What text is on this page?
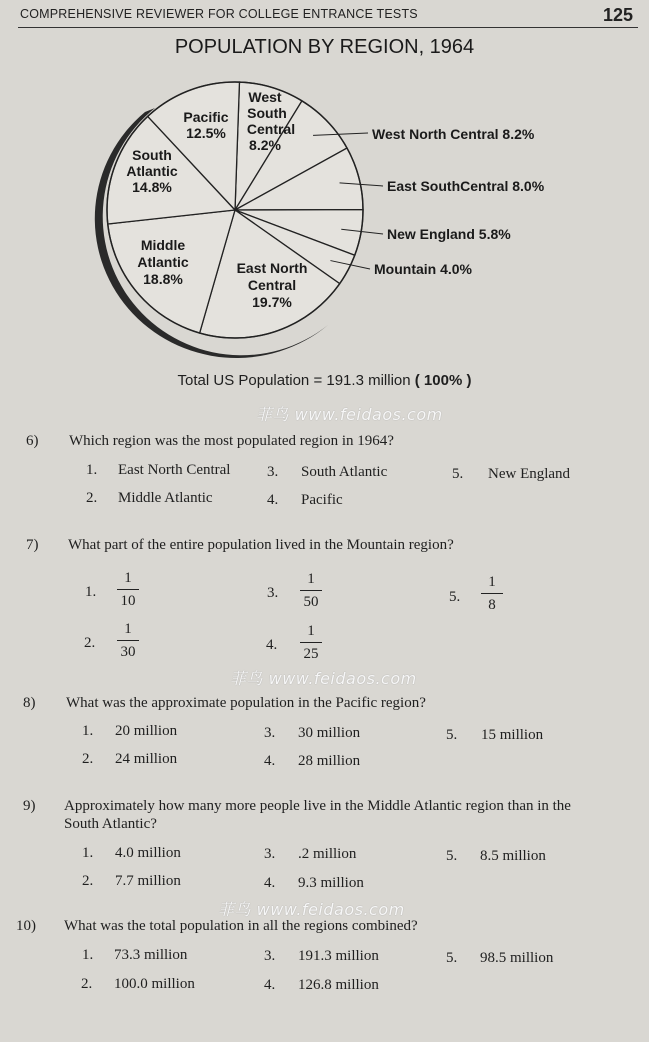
COMPREHENSIVE REVIEWER FOR COLLEGE ENTRANCE TESTS	125
POPULATION BY REGION, 1964
Pacific
12.5%
West
South
Central
8.2%
South
Atlantic
14.8%
Middle
Atlantic
18.8%
East North
Central
19.7%
West North Central 8.2%
East SouthCentral 8.0%
New England 5.8%
Mountain 4.0%
Total US Population = 191.3 million ( 100% )
菲鸟 www.feidaos.com
菲鸟 www.feidaos.com
菲鸟 www.feidaos.com
6) Which region was the most populated region in 1964?
1. East North Central 3. South Atlantic	5. New England
2. Middle Atlantic	4. Pacific
7) What part of the entire population lived in the Mountain region?
1.
1
10	3.
1
50	5.
1
8
2.
1
30	4.
1
25
8) What was the approximate population in the Pacific region?
1. 20 million	3. 30 million	5. 15 million
2. 24 million	4. 28 million
9) Approximately how many more people live in the Middle Atlantic region than in the
South Atlantic?
1. 4.0 million	3. .2 million	5. 8.5 million
2. 7.7 million	4. 9.3 million
10) What was the total population in all the regions combined?
1. 73.3 million	3. 191.3 million	5. 98.5 million
2. 100.0 million	4. 126.8 million
